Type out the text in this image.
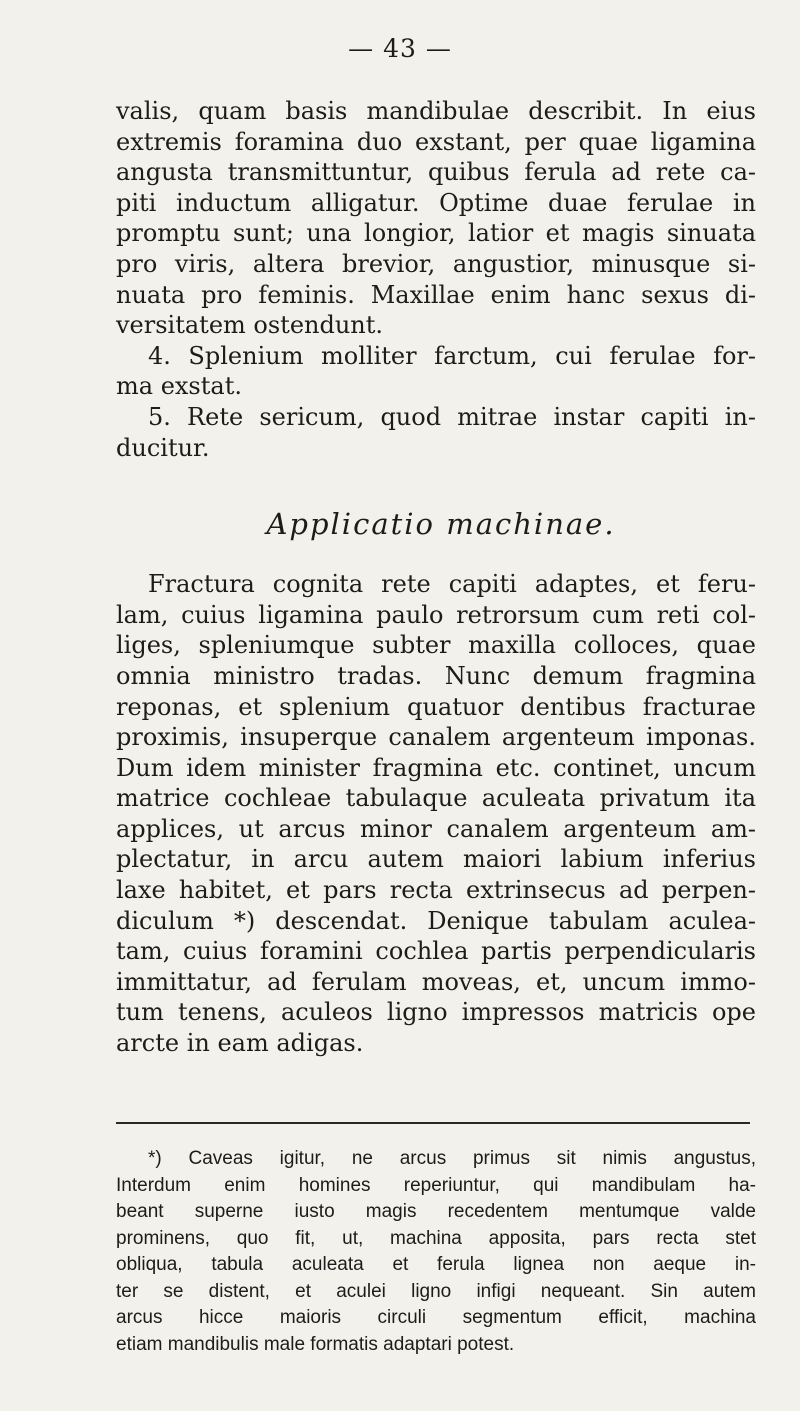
— 43 —
valis, quam basis mandibulae describit. In eius
extremis foramina duo exstant, per quae ligamina
angusta transmittuntur, quibus ferula ad rete ca-
piti inductum alligatur. Optime duae ferulae in
promptu sunt; una longior, latior et magis sinuata
pro viris, altera brevior, angustior, minusque si-
nuata pro feminis. Maxillae enim hanc sexus di-
versitatem ostendunt.
4. Splenium molliter farctum, cui ferulae for-
ma exstat.
5. Rete sericum, quod mitrae instar capiti in-
ducitur.
Applicatio machinae.
Fractura cognita rete capiti adaptes, et feru-
lam, cuius ligamina paulo retrorsum cum reti col-
liges, spleniumque subter maxilla colloces, quae
omnia ministro tradas. Nunc demum fragmina
reponas, et splenium quatuor dentibus fracturae
proximis, insuperque canalem argenteum imponas.
Dum idem minister fragmina etc. continet, uncum
matrice cochleae tabulaque aculeata privatum ita
applices, ut arcus minor canalem argenteum am-
plectatur, in arcu autem maiori labium inferius
laxe habitet, et pars recta extrinsecus ad perpen-
diculum *) descendat. Denique tabulam aculea-
tam, cuius foramini cochlea partis perpendicularis
immittatur, ad ferulam moveas, et, uncum immo-
tum tenens, aculeos ligno impressos matricis ope
arcte in eam adigas.
*) Caveas igitur, ne arcus primus sit nimis angustus,
Interdum enim homines reperiuntur, qui mandibulam ha-
beant superne iusto magis recedentem mentumque valde
prominens, quo fit, ut, machina apposita, pars recta stet
obliqua, tabula aculeata et ferula lignea non aeque in-
ter se distent, et aculei ligno infigi nequeant. Sin autem
arcus hicce maioris circuli segmentum efficit, machina
etiam mandibulis male formatis adaptari potest.
